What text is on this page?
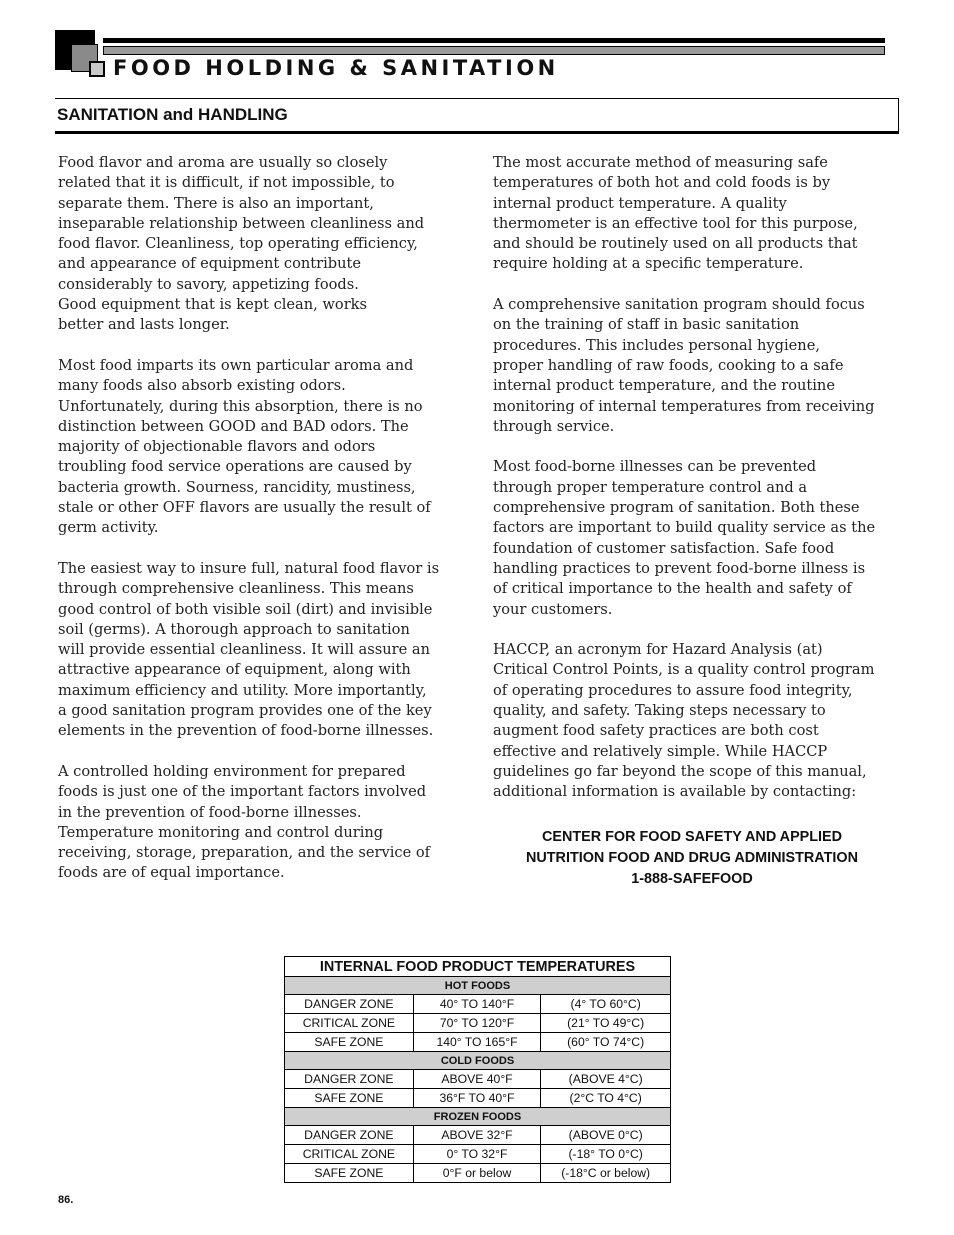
FOOD HOLDING & SANITATION
SANITATION and HANDLING

Food flavor and aroma are usually so closely
related that it is difficult, if not impossible, to
separate them. There is also an important,
inseparable relationship between cleanliness and
food flavor. Cleanliness, top operating efficiency,
and appearance of equipment contribute
considerably to savory, appetizing foods.
Good equipment that is kept clean, works
better and lasts longer.

Most food imparts its own particular aroma and
many foods also absorb existing odors.
Unfortunately, during this absorption, there is no
distinction between GOOD and BAD odors. The
majority of objectionable flavors and odors
troubling food service operations are caused by
bacteria growth. Sourness, rancidity, mustiness,
stale or other OFF flavors are usually the result of
germ activity.

The easiest way to insure full, natural food flavor is
through comprehensive cleanliness. This means
good control of both visible soil (dirt) and invisible
soil (germs). A thorough approach to sanitation
will provide essential cleanliness. It will assure an
attractive appearance of equipment, along with
maximum efficiency and utility. More importantly,
a good sanitation program provides one of the key
elements in the prevention of food-borne illnesses.

A controlled holding environment for prepared
foods is just one of the important factors involved
in the prevention of food-borne illnesses.
Temperature monitoring and control during
receiving, storage, preparation, and the service of
foods are of equal importance.

The most accurate method of measuring safe
temperatures of both hot and cold foods is by
internal product temperature. A quality
thermometer is an effective tool for this purpose,
and should be routinely used on all products that
require holding at a specific temperature.

A comprehensive sanitation program should focus
on the training of staff in basic sanitation
procedures. This includes personal hygiene,
proper handling of raw foods, cooking to a safe
internal product temperature, and the routine
monitoring of internal temperatures from receiving
through service.

Most food-borne illnesses can be prevented
through proper temperature control and a
comprehensive program of sanitation. Both these
factors are important to build quality service as the
foundation of customer satisfaction. Safe food
handling practices to prevent food-borne illness is
of critical importance to the health and safety of
your customers.

HACCP, an acronym for Hazard Analysis (at)
Critical Control Points, is a quality control program
of operating procedures to assure food integrity,
quality, and safety. Taking steps necessary to
augment food safety practices are both cost
effective and relatively simple. While HACCP
guidelines go far beyond the scope of this manual,
additional information is available by contacting:

CENTER FOR FOOD SAFETY AND APPLIED
NUTRITION FOOD AND DRUG ADMINISTRATION
1-888-SAFEFOOD
INTERNAL FOOD PRODUCT TEMPERATURES		
HOT FOODS		
DANGER ZONE	40° TO 140°F	(4° TO 60°C)
CRITICAL ZONE	70° TO 120°F	(21° TO 49°C)
SAFE ZONE	140° TO 165°F	(60° TO 74°C)
COLD FOODS		
DANGER ZONE	ABOVE 40°F	(ABOVE 4°C)
SAFE ZONE	36°F TO 40°F	(2°C TO 4°C)
FROZEN FOODS		
DANGER ZONE	ABOVE 32°F	(ABOVE 0°C)
CRITICAL ZONE	0° TO 32°F	(-18° TO 0°C)
SAFE ZONE	0°F or below	(-18°C or below)
86.
